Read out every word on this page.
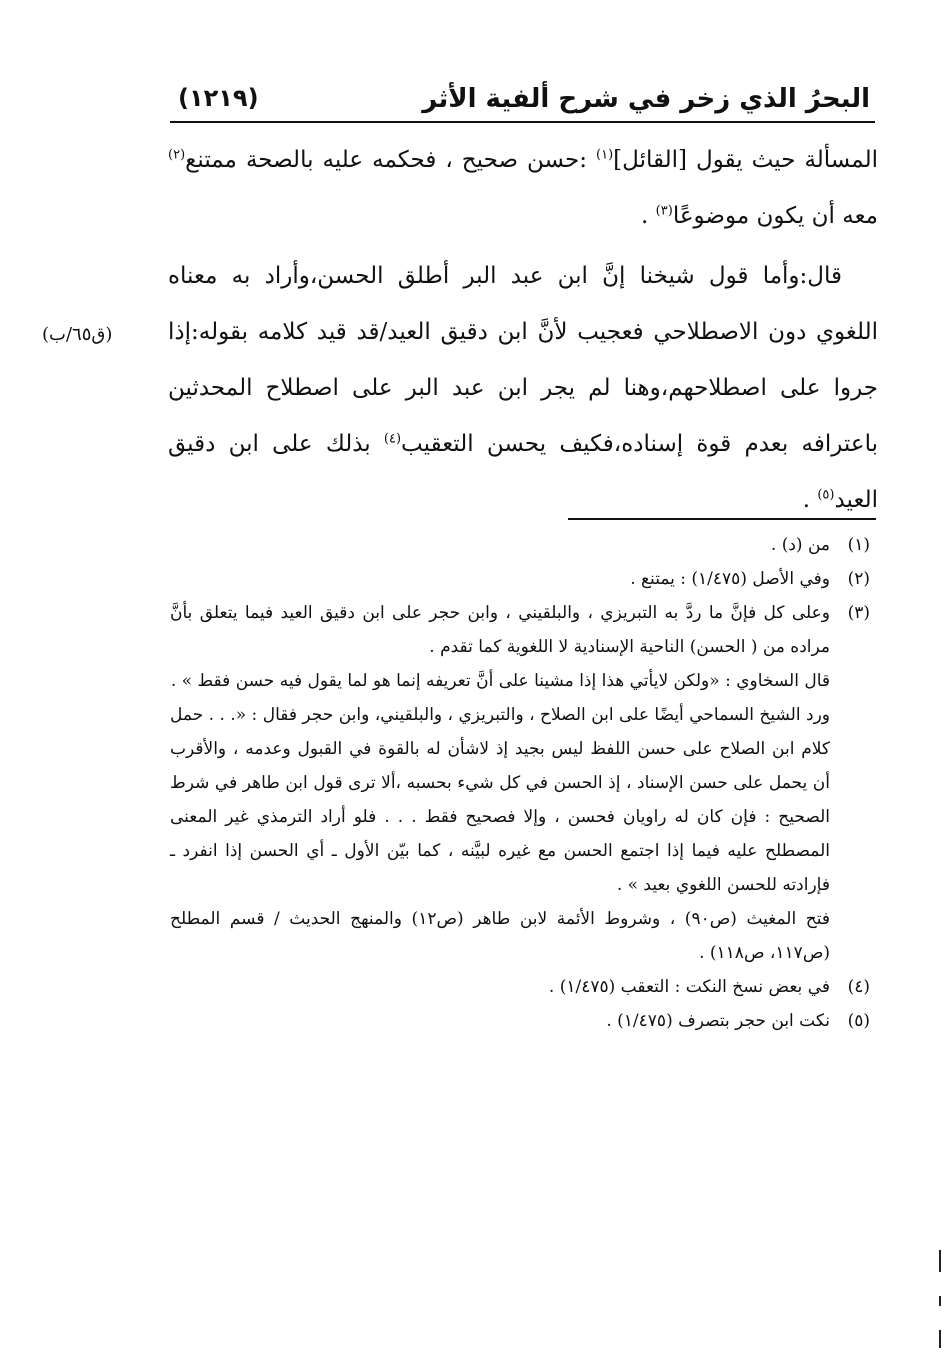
البحرُ الذي زخر في شرح ألفية الأثر
(١٢١٩)

المسألة حيث يقول [القائل]$^{(١)}$ :حسن صحيح ، فحكمه عليه بالصحة ممتنع$^{(٢)}$ معه أن يكون موضوعًا$^{(٣)}$ .

قال:وأما قول شيخنا إنَّ ابن عبد البر أطلق الحسن،وأراد به معناه اللغوي دون الاصطلاحي فعجيب لأنَّ ابن دقيق العيد/قد قيد كلامه بقوله:إذا جروا على اصطلاحهم،وهنا لم يجر ابن عبد البر على اصطلاح المحدثين باعترافه بعدم قوة إسناده،فكيف يحسن التعقيب$^{(٤)}$ بذلك على ابن دقيق العيد$^{(٥)}$ .

(ق٦٥/ب)
(١)
من (د) .
(٢)
وفي الأصل (١/٤٧٥) : يمتنع .
(٣)

وعلى كل فإنَّ ما ردَّ به التبريزي ، والبلقيني ، وابن حجر على ابن دقيق العيد فيما يتعلق بأنَّ مراده من ( الحسن) الناحية الإسنادية لا اللغوية كما تقدم .

قال السخاوي : «ولكن لايأتي هذا إذا مشينا على أنَّ تعريفه إنما هو لما يقول فيه حسن فقط » .

ورد الشيخ السماحي أيضًا على ابن الصلاح ، والتبريزي ، والبلقيني، وابن حجر فقال : «. . . حمل كلام ابن الصلاح على حسن اللفظ ليس بجيد إذ لاشأن له بالقوة في القبول وعدمه ، والأقرب أن يحمل على حسن الإسناد ، إذ الحسن في كل شيء بحسبه ،ألا ترى قول ابن طاهر في شرط الصحيح : فإن كان له راويان فحسن ، وإلا فصحيح فقط . . . فلو أراد الترمذي غير المعنى المصطلح عليه فيما إذا اجتمع الحسن مع غيره لبيَّنه ، كما بيّن الأول ـ أي الحسن إذا انفرد ـ فإرادته للحسن اللغوي بعيد » .

فتح المغيث (ص٩٠) ، وشروط الأئمة لابن طاهر (ص١٢) والمنهج الحديث / قسم المطلح (ص١١٧، ص١١٨) .

(٤)
في بعض نسخ النكت : التعقب (١/٤٧٥) .
(٥)
نكت ابن حجر بتصرف (١/٤٧٥) .
